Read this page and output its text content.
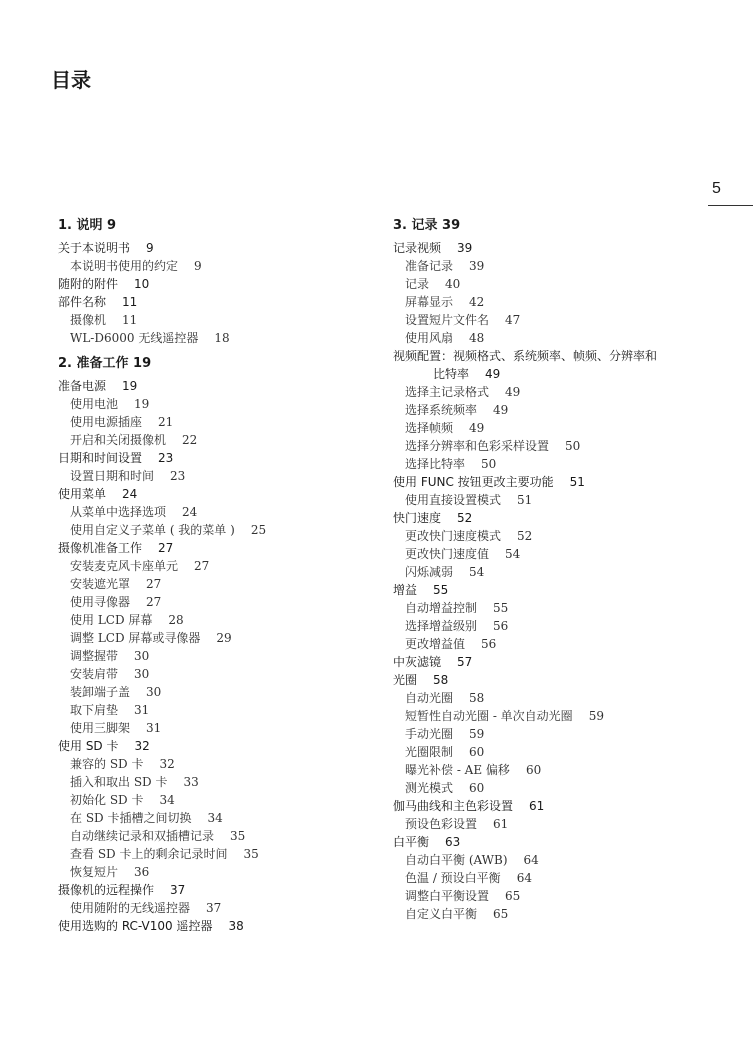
目录
5
1. 说明 9
关于本说明书 9
本说明书使用的约定 9
随附的附件 10
部件名称 11
摄像机 11
WL-D6000 无线遥控器 18
2. 准备工作 19
准备电源 19
使用电池 19
使用电源插座 21
开启和关闭摄像机 22
日期和时间设置 23
设置日期和时间 23
使用菜单 24
从菜单中选择选项 24
使用自定义子菜单 ( 我的菜单 ) 25
摄像机准备工作 27
安装麦克风卡座单元 27
安装遮光罩 27
使用寻像器 27
使用 LCD 屏幕 28
调整 LCD 屏幕或寻像器 29
调整握带 30
安装肩带 30
装卸端子盖 30
取下肩垫 31
使用三脚架 31
使用 SD 卡 32
兼容的 SD 卡 32
插入和取出 SD 卡 33
初始化 SD 卡 34
在 SD 卡插槽之间切换 34
自动继续记录和双插槽记录 35
查看 SD 卡上的剩余记录时间 35
恢复短片 36
摄像机的远程操作 37
使用随附的无线遥控器 37
使用选购的 RC-V100 遥控器 38
3. 记录 39
记录视频 39
准备记录 39
记录 40
屏幕显示 42
设置短片文件名 47
使用风扇 48
视频配置：视频格式、系统频率、帧频、分辨率和
比特率 49
选择主记录格式 49
选择系统频率 49
选择帧频 49
选择分辨率和色彩采样设置 50
选择比特率 50
使用 FUNC 按钮更改主要功能 51
使用直接设置模式 51
快门速度 52
更改快门速度模式 52
更改快门速度值 54
闪烁减弱 54
增益 55
自动增益控制 55
选择增益级别 56
更改增益值 56
中灰滤镜 57
光圈 58
自动光圈 58
短暂性自动光圈 - 单次自动光圈 59
手动光圈 59
光圈限制 60
曝光补偿 - AE 偏移 60
测光模式 60
伽马曲线和主色彩设置 61
预设色彩设置 61
白平衡 63
自动白平衡 (AWB) 64
色温 / 预设白平衡 64
调整白平衡设置 65
自定义白平衡 65
